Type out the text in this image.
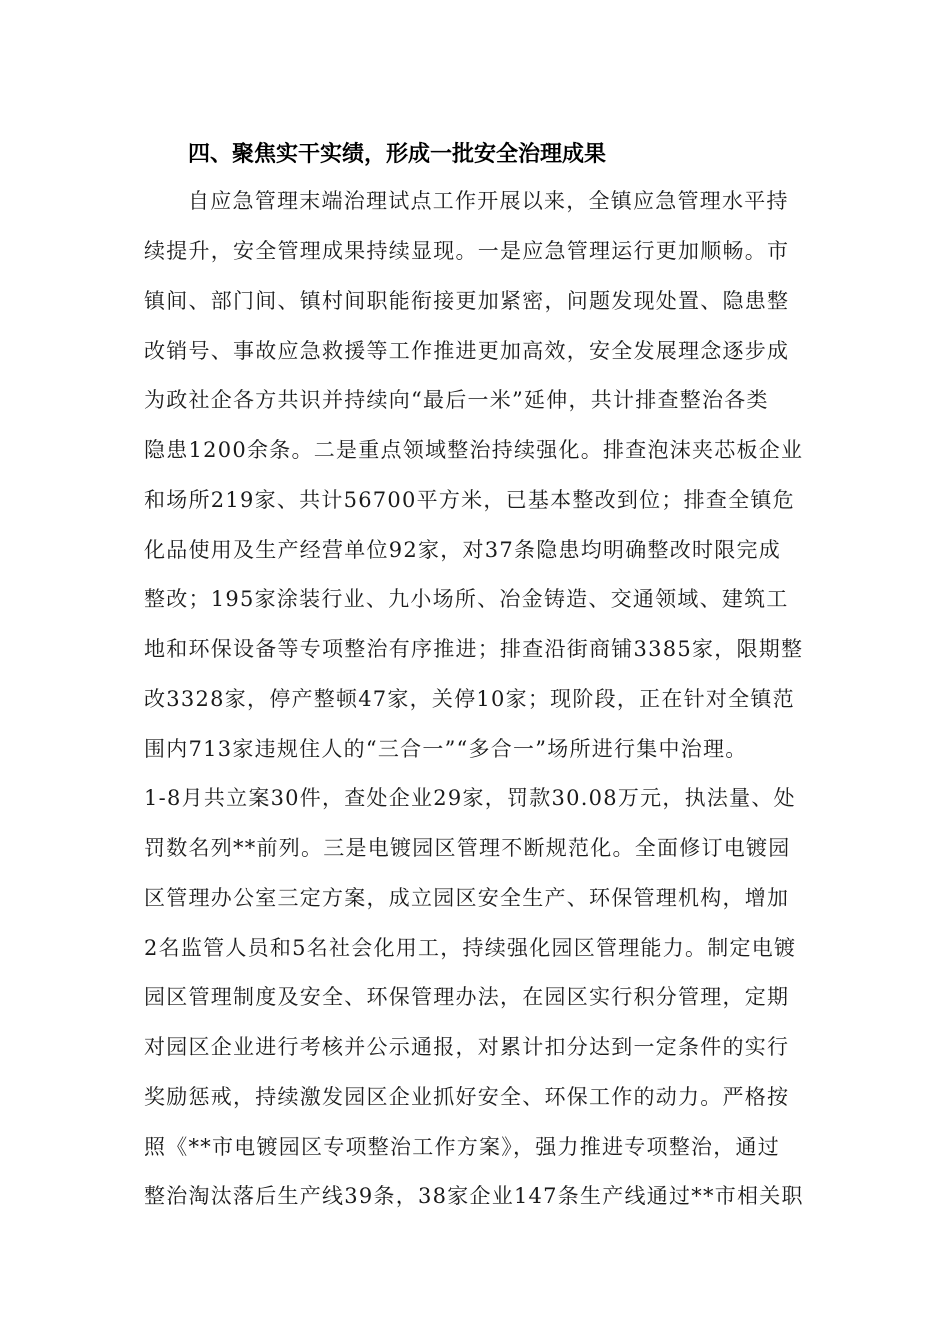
四、聚焦实干实绩，形成一批安全治理成果
自应急管理末端治理试点工作开展以来，全镇应急管理水平持
续提升，安全管理成果持续显现。一是应急管理运行更加顺畅。市
镇间、部门间、镇村间职能衔接更加紧密，问题发现处置、隐患整
改销号、事故应急救援等工作推进更加高效，安全发展理念逐步成
为政社企各方共识并持续向“最后一米”延伸，共计排查整治各类
隐患1200余条。二是重点领域整治持续强化。排查泡沫夹芯板企业
和场所219家、共计56700平方米，已基本整改到位；排查全镇危
化品使用及生产经营单位92家，对37条隐患均明确整改时限完成
整改；195家涂装行业、九小场所、冶金铸造、交通领域、建筑工
地和环保设备等专项整治有序推进；排查沿街商铺3385家，限期整
改3328家，停产整顿47家，关停10家；现阶段，正在针对全镇范
围内713家违规住人的“三合一”“多合一”场所进行集中治理。
1-8月共立案30件，查处企业29家，罚款30.08万元，执法量、处
罚数名列**前列。三是电镀园区管理不断规范化。全面修订电镀园
区管理办公室三定方案，成立园区安全生产、环保管理机构，增加
2名监管人员和5名社会化用工，持续强化园区管理能力。制定电镀
园区管理制度及安全、环保管理办法，在园区实行积分管理，定期
对园区企业进行考核并公示通报，对累计扣分达到一定条件的实行
奖励惩戒，持续激发园区企业抓好安全、环保工作的动力。严格按
照《**市电镀园区专项整治工作方案》，强力推进专项整治，通过
整治淘汰落后生产线39条，38家企业147条生产线通过**市相关职
